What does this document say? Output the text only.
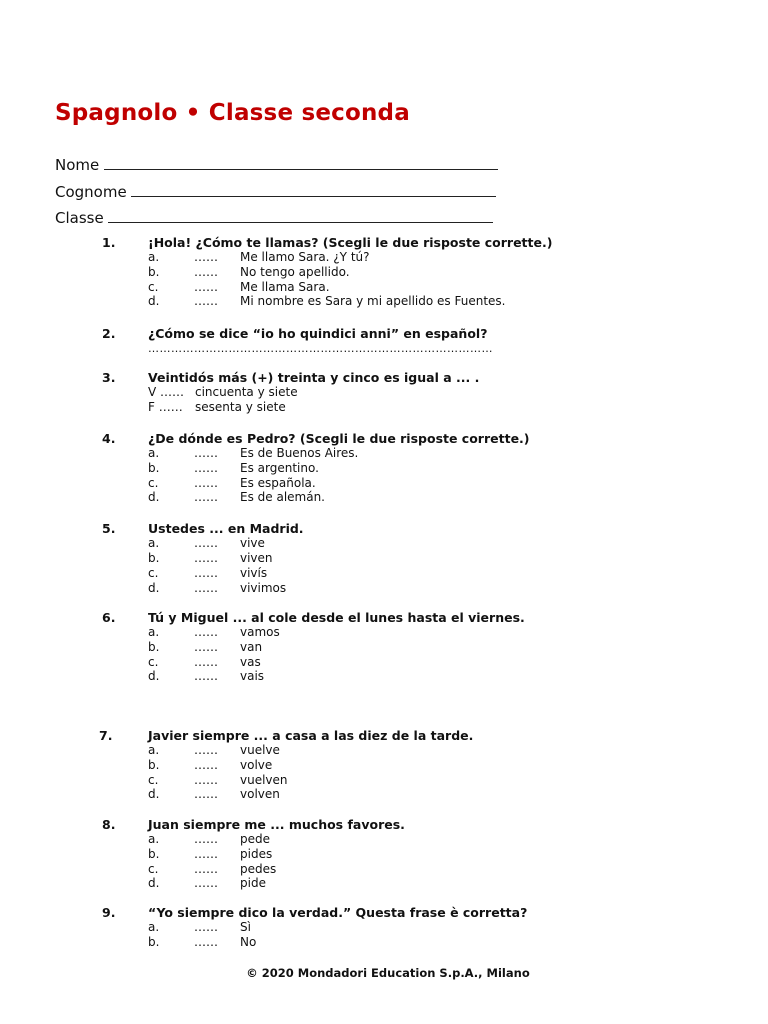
Spagnolo • Classe seconda
Nome
Cognome
Classe
1.	¡Hola! ¿Cómo te llamas? (Scegli le due risposte corrette.)
a.	…… Me llamo Sara. ¿Y tú?
b.	…… No tengo apellido.
c.	…… Me llama Sara.
d.	…… Mi nombre es Sara y mi apellido es Fuentes.
2.	¿Cómo se dice “io ho quindici anni” en español?
………………………………………………………………………………
3.	Veintidós más (+) treinta y cinco es igual a ... .
V …… cincuenta y siete
F …… sesenta y siete
4.	¿De dónde es Pedro? (Scegli le due risposte corrette.)
a.	…… Es de Buenos Aires.
b.	…… Es argentino.
c.	…… Es española.
d.	…… Es de alemán.
5.	Ustedes ... en Madrid.
a.	…… vive
b.	…… viven
c.	…… vivís
d.	…… vivimos
6.	Tú y Miguel ... al cole desde el lunes hasta el viernes.
a.	…… vamos
b.	…… van
c.	…… vas
d.	…… vais
7.	Javier siempre ... a casa a las diez de la tarde.
a.	…… vuelve
b.	…… volve
c.	…… vuelven
d.	…… volven
8.	Juan siempre me ... muchos favores.
a.	…… pede
b.	…… pides
c.	…… pedes
d.	…… pide
9.	“Yo siempre dico la verdad.” Questa frase è corretta?
a.	…… Sì
b.	…… No
© 2020 Mondadori Education S.p.A., Milano
